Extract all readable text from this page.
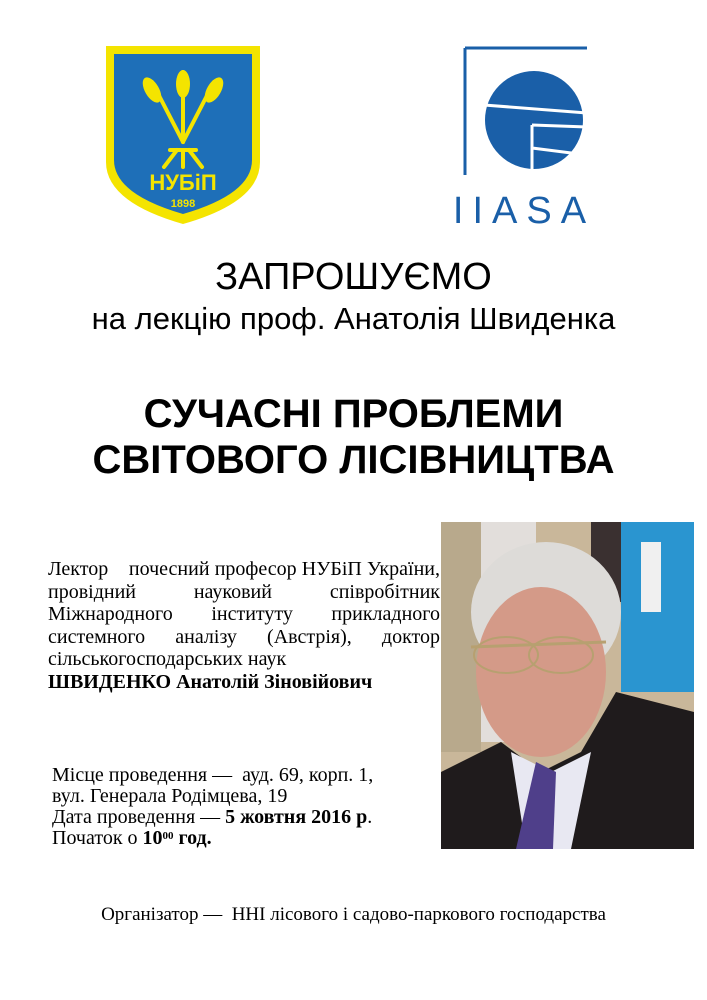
НУБіП
1898	IIASA
ЗАПРОШУЄМО
на лекцію проф. Анатолія Швиденка
СУЧАСНІ ПРОБЛЕМИ
СВІТОВОГО ЛІСІВНИЦТВА
Лектор    почесний професор НУБіП України, провідний науковий співробітник Міжнародного інституту прикладного системного аналізу (Австрія), доктор сільськогосподарських наук
ШВИДЕНКО Анатолій Зіновійович
Місце проведення — ауд. 69, корп. 1,
вул. Генерала Родімцева, 19
Дата проведення — 5 жовтня 2016 р.
Початок о $10^{00}$ год.
Організатор —  ННІ лісового і садово-паркового господарства
